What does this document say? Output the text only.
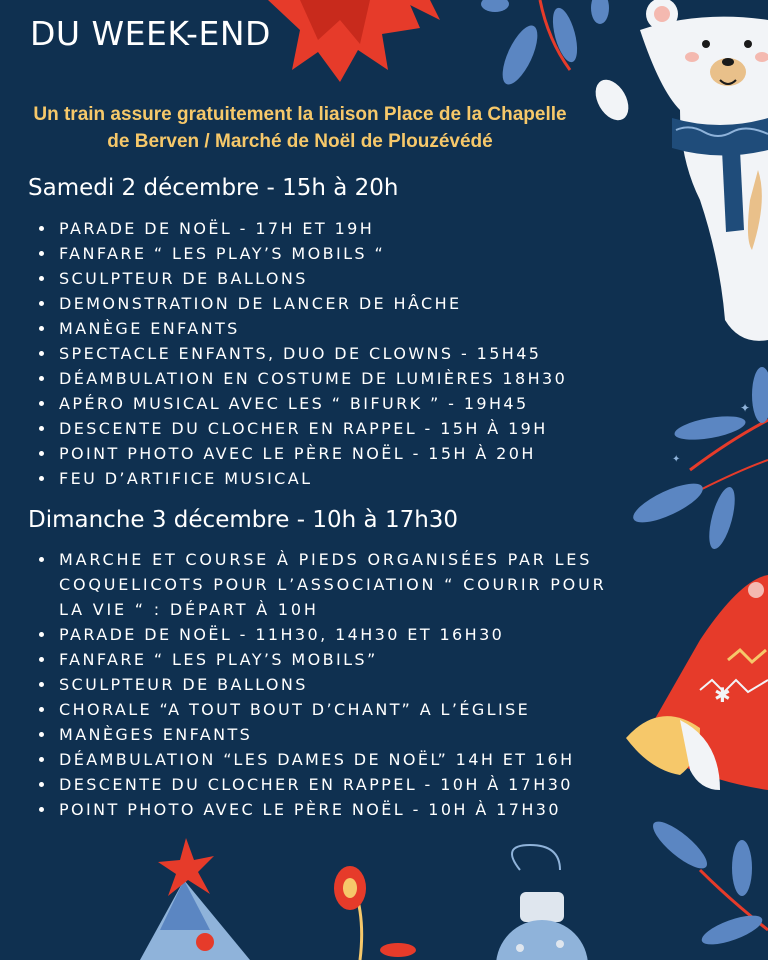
✦
✦
✱
DU WEEK-END

Un train assure gratuitement la liaison Place de la Chapelle de Berven / Marché de Noël de Plouzévédé

Samedi 2 décembre - 15h à 20h
PARADE DE NOËL - 17H ET 19H
FANFARE “ LES PLAY’S MOBILS “
SCULPTEUR DE BALLONS
DEMONSTRATION DE LANCER DE HÂCHE
MANÈGE ENFANTS
SPECTACLE ENFANTS, DUO DE CLOWNS - 15H45
DÉAMBULATION EN COSTUME DE LUMIÈRES 18H30
APÉRO MUSICAL AVEC LES “ BIFURK ” - 19H45
DESCENTE DU CLOCHER EN RAPPEL - 15H À 19H
POINT PHOTO AVEC LE PÈRE NOËL - 15H À 20H
FEU D’ARTIFICE MUSICAL
Dimanche 3 décembre - 10h à 17h30
MARCHE ET COURSE À PIEDS ORGANISÉES PAR LES COQUELICOTS POUR L’ASSOCIATION “ COURIR POUR LA VIE “ : DÉPART À 10H
PARADE DE NOËL - 11H30, 14H30 ET 16H30
FANFARE “ LES PLAY’S MOBILS”
SCULPTEUR DE BALLONS
CHORALE “A TOUT BOUT D’CHANT” A L’ÉGLISE
MANÈGES ENFANTS
DÉAMBULATION “LES DAMES DE NOËL” 14H ET 16H
DESCENTE DU CLOCHER EN RAPPEL - 10H À 17H30
POINT PHOTO AVEC LE PÈRE NOËL - 10H À 17H30
